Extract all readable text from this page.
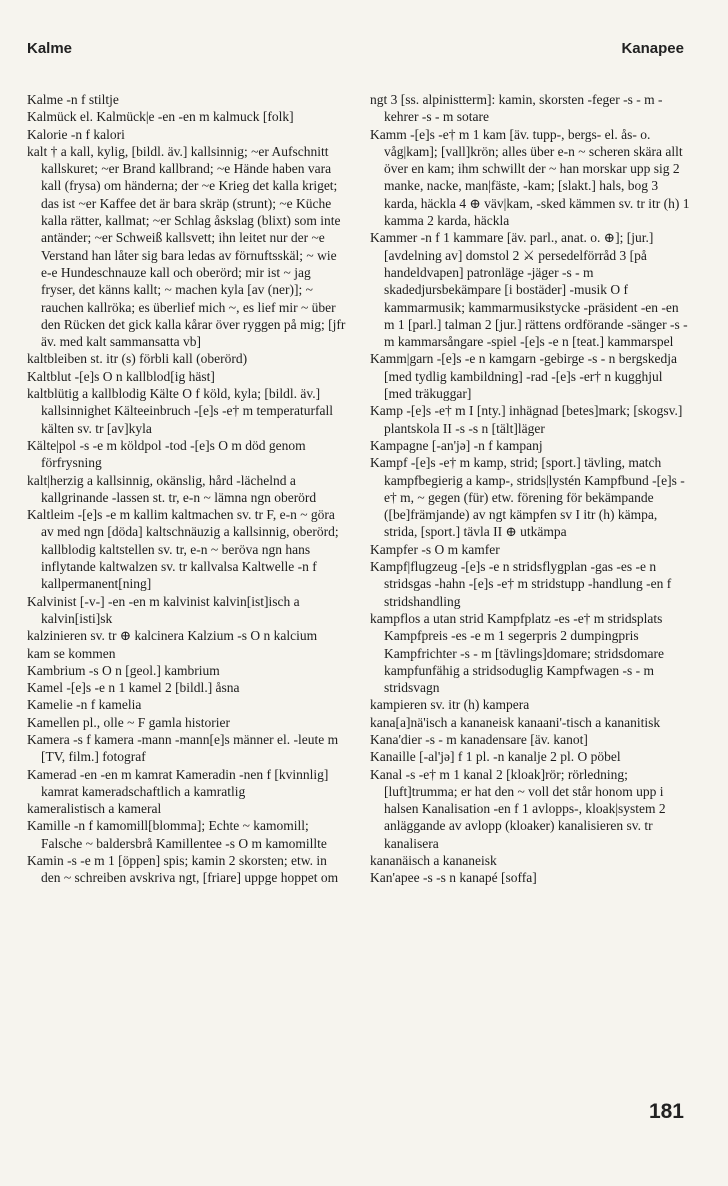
Kalme	Kanapee

Kalme -n f stiltje

Kalmück el. Kalmück|e -en -en m kalmuck [folk]

Kalorie -n f kalori

kalt † a kall, kylig, [bildl. äv.] kallsinnig; ~er Aufschnitt kallskuret; ~er Brand kallbrand; ~e Hände haben vara kall (frysa) om händerna; der ~e Krieg det kalla kriget; das ist ~er Kaffee det är bara skräp (strunt); ~e Küche kalla rätter, kallmat; ~er Schlag åskslag (blixt) som inte antänder; ~er Schweiß kallsvett; ihn leitet nur der ~e Verstand han låter sig bara ledas av förnuftsskäl; ~ wie e-e Hundeschnauze kall och oberörd; mir ist ~ jag fryser, det känns kallt; ~ machen kyla [av (ner)]; ~ rauchen kallröka; es überlief mich ~, es lief mir ~ über den Rücken det gick kalla kårar över ryggen på mig; [jfr äv. med kalt sammansatta vb]

kaltbleiben st. itr (s) förbli kall (oberörd)

Kaltblut -[e]s O n kallblod[ig häst]

kaltblütig a kallblodig Kälte O f köld, kyla; [bildl. äv.] kallsinnighet Kälteeinbruch -[e]s -e† m temperaturfall kälten sv. tr [av]kyla

Kälte|pol -s -e m köldpol -tod -[e]s O m död genom förfrysning

kalt|herzig a kallsinnig, okänslig, hård -lächelnd a kallgrinande -lassen st. tr, e-n ~ lämna ngn oberörd

Kaltleim -[e]s -e m kallim kaltmachen sv. tr F, e-n ~ göra av med ngn [döda] kaltschnäuzig a kallsinnig, oberörd; kallblodig kaltstellen sv. tr, e-n ~ beröva ngn hans inflytande kaltwalzen sv. tr kallvalsa Kaltwelle -n f kallpermanent[ning]

Kalvinist [-v-] -en -en m kalvinist kalvin[ist]isch a kalvin[isti]sk

kalzinieren sv. tr ⊕ kalcinera Kalzium -s O n kalcium

kam se kommen

Kambrium -s O n [geol.] kambrium

Kamel -[e]s -e n 1 kamel 2 [bildl.] åsna

Kamelie -n f kamelia

Kamellen pl., olle ~ F gamla historier

Kamera -s f kamera -mann -mann[e]s männer el. -leute m [TV, film.] fotograf

Kamerad -en -en m kamrat Kameradin -nen f [kvinnlig] kamrat kameradschaftlich a kamratlig

kameralistisch a kameral

Kamille -n f kamomill[blomma]; Echte ~ kamomill; Falsche ~ baldersbrå Kamillentee -s O m kamomillte

Kamin -s -e m 1 [öppen] spis; kamin 2 skorsten; etw. in den ~ schreiben avskriva ngt, [friare] uppge hoppet om

ngt 3 [ss. alpinistterm]: kamin, skorsten -feger -s - m -kehrer -s - m sotare

Kamm -[e]s -e† m 1 kam [äv. tupp-, bergs- el. ås- o. våg|kam]; [vall]krön; alles über e-n ~ scheren skära allt över en kam; ihm schwillt der ~ han morskar upp sig 2 manke, nacke, man|fäste, -kam; [slakt.] hals, bog 3 karda, häckla 4 ⊕ väv|kam, -sked kämmen sv. tr itr (h) 1 kamma 2 karda, häckla

Kammer -n f 1 kammare [äv. parl., anat. o. ⊕]; [jur.] [avdelning av] domstol 2 ⚔ persedelförråd 3 [på handeldvapen] patronläge -jäger -s - m skadedjursbekämpare [i bostäder] -musik O f kammarmusik; kammarmusikstycke -präsident -en -en m 1 [parl.] talman 2 [jur.] rättens ordförande -sänger -s - m kammarsångare -spiel -[e]s -e n [teat.] kammarspel

Kamm|garn -[e]s -e n kamgarn -gebirge -s - n bergskedja [med tydlig kambildning] -rad -[e]s -er† n kugghjul [med träkuggar]

Kamp -[e]s -e† m I [nty.] inhägnad [betes]mark; [skogsv.] plantskola II -s -s n [tält]läger

Kampagne [-an'jə] -n f kampanj

Kampf -[e]s -e† m kamp, strid; [sport.] tävling, match kampfbegierig a kamp-, strids|lystén Kampfbund -[e]s -e† m, ~ gegen (für) etw. förening för bekämpande ([be]främjande) av ngt kämpfen sv I itr (h) kämpa, strida, [sport.] tävla II ⊕ utkämpa

Kampfer -s O m kamfer

Kampf|flugzeug -[e]s -e n stridsflygplan -gas -es -e n stridsgas -hahn -[e]s -e† m stridstupp -handlung -en f stridshandling

kampflos a utan strid Kampfplatz -es -e† m stridsplats Kampfpreis -es -e m 1 segerpris 2 dumpingpris Kampfrichter -s - m [tävlings]domare; stridsdomare kampfunfähig a stridsoduglig Kampfwagen -s - m stridsvagn

kampieren sv. itr (h) kampera

kana[a]nä'isch a kananeisk kanaani'-tisch a kananitisk

Kana'dier -s - m kanadensare [äv. kanot]

Kanaille [-al'jə] f 1 pl. -n kanalje 2 pl. O pöbel

Kanal -s -e† m 1 kanal 2 [kloak]rör; rörledning; [luft]trumma; er hat den ~ voll det står honom upp i halsen Kanalisation -en f 1 avlopps-, kloak|system 2 anläggande av avlopp (kloaker) kanalisieren sv. tr kanalisera

kananäisch a kananeisk

Kan'apee -s -s n kanapé [soffa]

181
